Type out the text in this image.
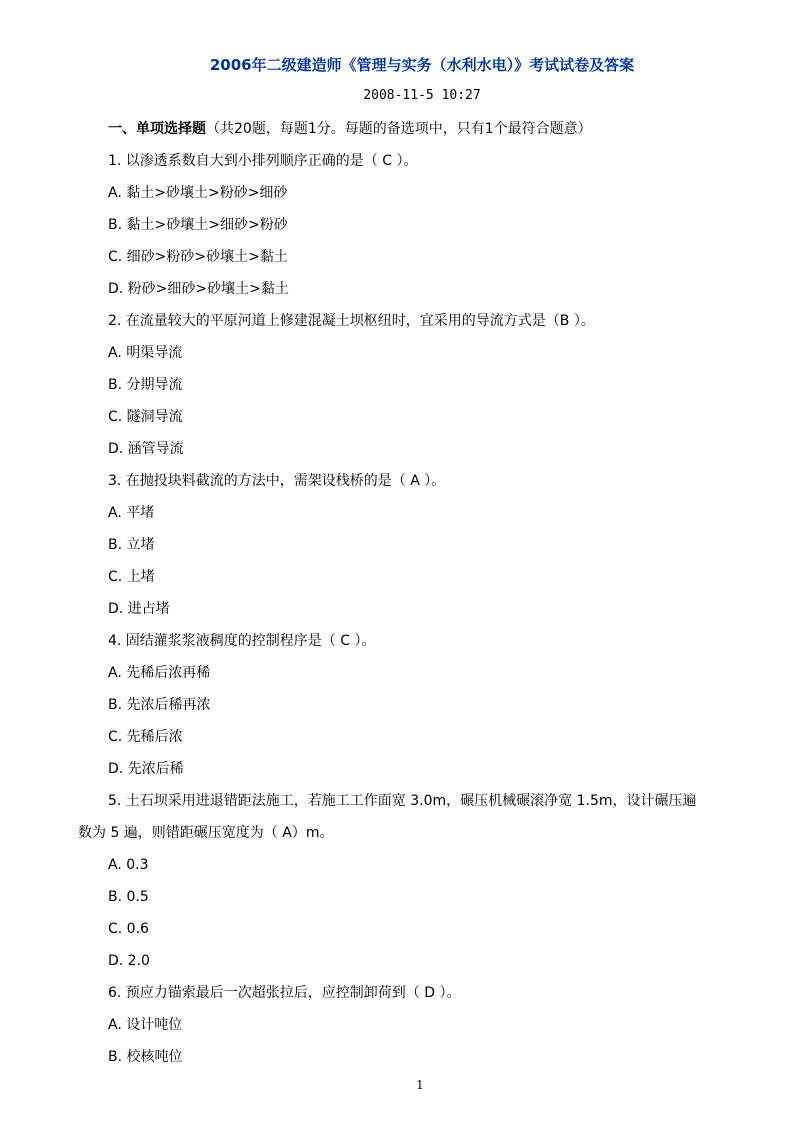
2006年二级建造师《管理与实务（水利水电）》考试试卷及答案
2008-11-5 10:27
一、单项选择题（共20题，每题1分。每题的备选项中，只有1个最符合题意）
1. 以渗透系数自大到小排列顺序正确的是（ C ）。
A. 黏土>砂壤土>粉砂>细砂
B. 黏土>砂壤土>细砂>粉砂
C. 细砂>粉砂>砂壤土>黏土
D. 粉砂>细砂>砂壤土>黏土
2. 在流量较大的平原河道上修建混凝土坝枢纽时，宜采用的导流方式是（B ）。
A. 明渠导流
B. 分期导流
C. 隧洞导流
D. 涵管导流
3. 在抛投块料截流的方法中，需架设栈桥的是（ A ）。
A. 平堵
B. 立堵
C. 上堵
D. 进占堵
4. 固结灌浆浆液稠度的控制程序是（ C ）。
A. 先稀后浓再稀
B. 先浓后稀再浓
C. 先稀后浓
D. 先浓后稀
5. 土石坝采用进退错距法施工，若施工工作面宽 3.0m，碾压机械碾滚净宽 1.5m，设计碾压遍
数为 5 遍，则错距碾压宽度为（ A）m。
A. 0.3
B. 0.5
C. 0.6
D. 2.0
6. 预应力锚索最后一次超张拉后，应控制卸荷到（ D ）。
A. 设计吨位
B. 校核吨位
1
